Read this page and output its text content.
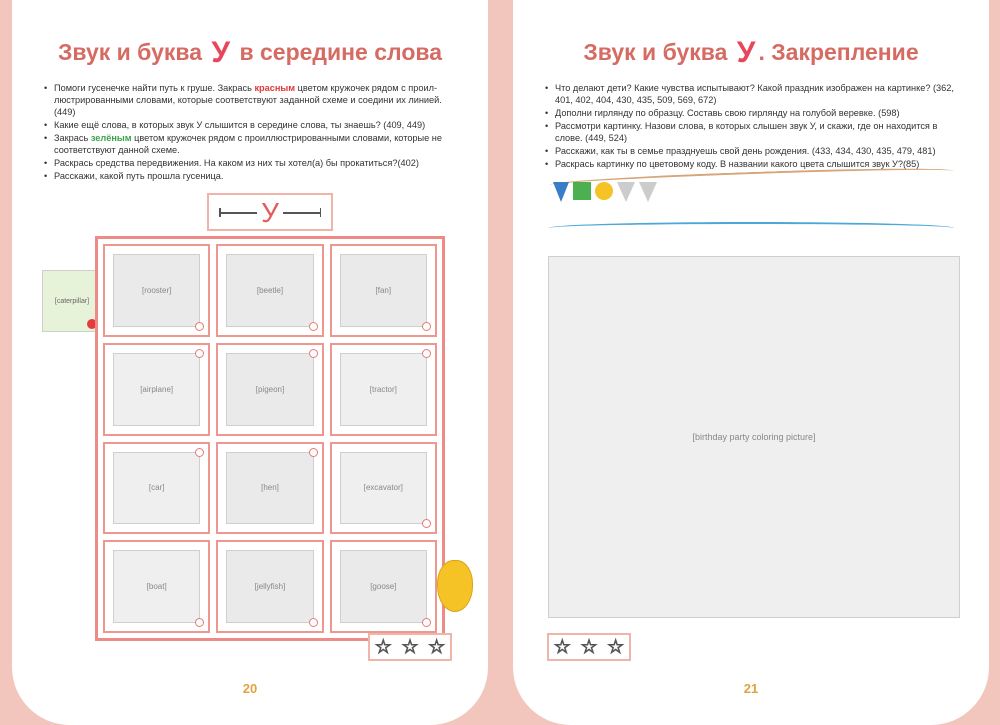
Звук и буква У в середине слова
• Помоги гусенечке найти путь к груше. Закрась красным цветом кружочек рядом с проил-люстрированными словами, которые соответствуют заданной схеме и соедини их линией. (449)
• Какие ещё слова, в которых звук У слышится в середине слова, ты знаешь? (409, 449)
• Закрась зелёным цветом кружочек рядом с проиллюстрированными словами, которые не соответствуют данной схеме.
• Раскрась средства передвижения. На каком из них ты хотел(а) бы прокатиться?(402)
• Расскажи, какой путь прошла гусеница.
У
[caterpillar]
[rooster]	[beetle]	[fan]
[airplane]	[pigeon]	[tractor]
[car]	[hen]	[excavator]
[boat]	[jellyfish]	[goose]
☆ ☆ ☆
20
Звук и буква У . Закрепление
• Что делают дети? Какие чувства испытывают? Какой праздник изображен на картинке? (362, 401, 402, 404, 430, 435, 509, 569, 672)
• Дополни гирлянду по образцу. Составь свою гирлянду на голубой веревке. (598)
• Рассмотри картинку. Назови слова, в которых слышен звук У, и скажи, где он находится в слове. (449, 524)
• Расскажи, как ты в семье празднуешь свой день рождения. (433, 434, 430, 435, 479, 481)
• Раскрась картинку по цветовому коду. В названии какого цвета слышится звук У?(85)
[birthday party coloring picture]
☆ ☆ ☆
21
